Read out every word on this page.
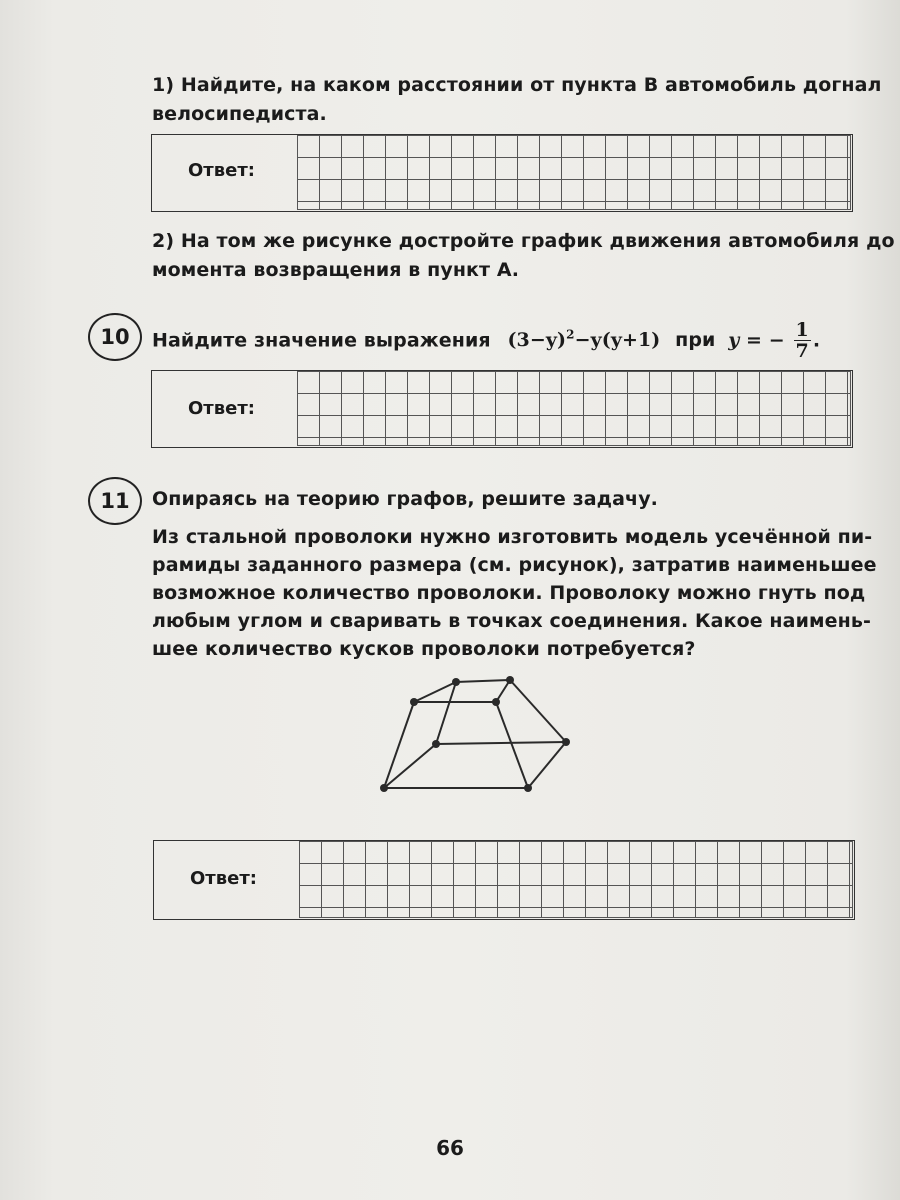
1) Найдите, на каком расстоянии от пункта В автомобиль догнал
велосипедиста.
Ответ:
2) На том же рисунке достройте график движения автомобиля до
момента возвращения в пункт А.
10	Найдите значение выражения $(3-y)^2-y(y+1)$ при y = − $\frac{1}{7}$ .
Ответ:
11	Опираясь на теорию графов, решите задачу.
Из стальной проволоки нужно изготовить модель усечённой пи-
рамиды заданного размера (см. рисунок), затратив наименьшее
возможное количество проволоки. Проволоку можно гнуть под
любым углом и сваривать в точках соединения. Какое наимень-
шее количество кусков проволоки потребуется?
Ответ:
66
